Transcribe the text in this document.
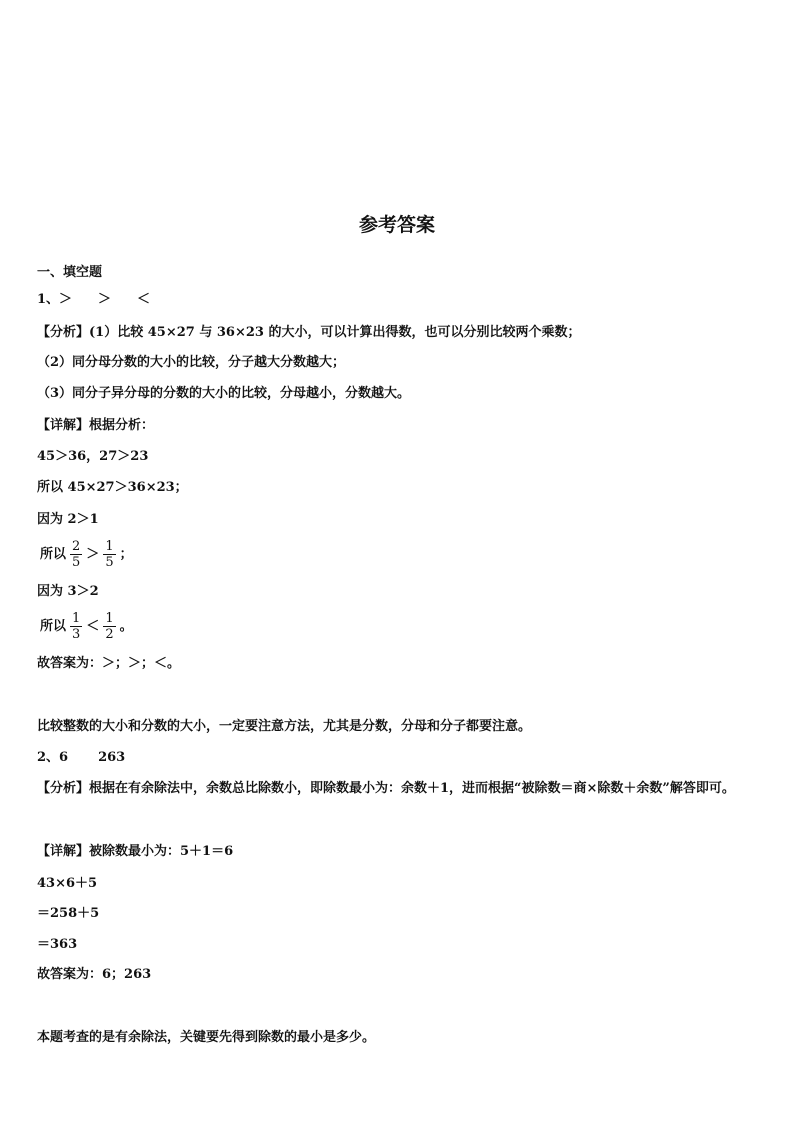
参考答案
一、填空题
1、＞　　＞　　＜
【分析】(1）比较 45×27 与 36×23 的大小，可以计算出得数，也可以分别比较两个乘数；
（2）同分母分数的大小的比较，分子越大分数越大；
（3）同分子异分母的分数的大小的比较，分母越小，分数越大。
【详解】根据分析：
45＞36，27＞23
所以 45×27＞36×23；
因为 2＞1
所以 $\frac{2}{5} > \frac{1}{5}$ ；
因为 3＞2
所以 $\frac{1}{3} < \frac{1}{2}$ 。
故答案为：＞；＞；＜。
比较整数的大小和分数的大小，一定要注意方法，尤其是分数，分母和分子都要注意。
2、6 263
【分析】根据在有余除法中，余数总比除数小，即除数最小为：余数＋1，进而根据“被除数＝商×除数＋余数”解答即可。
【详解】被除数最小为：5＋1＝6
43×6＋5
＝258＋5
＝363
故答案为：6；263
本题考查的是有余除法，关键要先得到除数的最小是多少。
